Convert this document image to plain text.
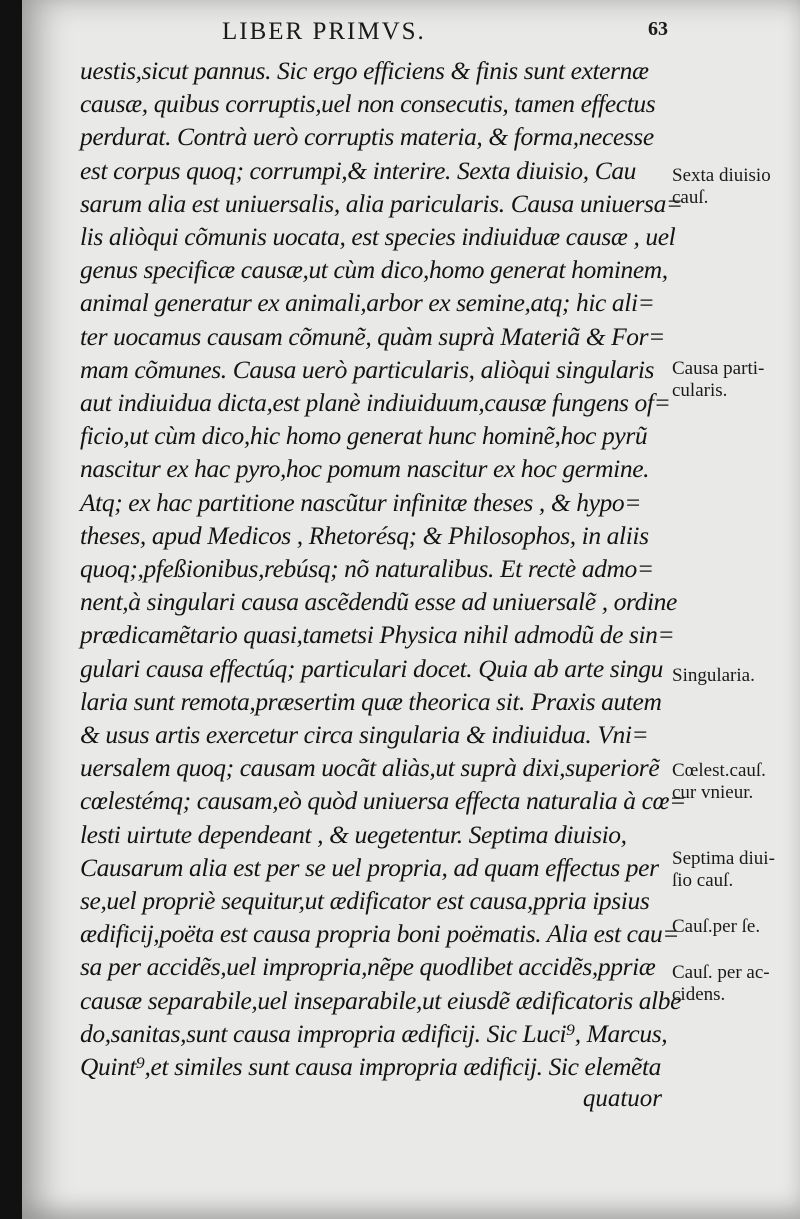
LIBER PRIMVS.	63
uestis,sicut pannus. Sic ergo efficiens & finis sunt externæ
causæ, quibus corruptis,uel non consecutis, tamen effectus
perdurat. Contrà uerò corruptis materia, & forma,necesse
est corpus quoq; corrumpi,& interire. Sexta diuisio, Cau
sarum alia est uniuersalis, alia paricularis. Causa uniuersa=
lis aliòqui cõmunis uocata, est species indiuiduæ causæ , uel
genus specificæ causæ,ut cùm dico,homo generat hominem,
animal generatur ex animali,arbor ex semine,atq; hic ali=
ter uocamus causam cõmunẽ, quàm suprà Materiã & For=
mam cõmunes. Causa uerò particularis, aliòqui singularis
aut indiuidua dicta,est planè indiuiduum,causæ fungens of=
ficio,ut cùm dico,hic homo generat hunc hominẽ,hoc pyrũ
nascitur ex hac pyro,hoc pomum nascitur ex hoc germine.
Atq; ex hac partitione nascũtur infinitæ theses , & hypo=
theses, apud Medicos , Rhetorésq; & Philosophos, in aliis
quoq;,pfeßionibus,rebúsq; nõ naturalibus. Et rectè admo=
nent,à singulari causa ascẽdendũ esse ad uniuersalẽ , ordine
prædicamẽtario quasi,tametsi Physica nihil admodũ de sin=
gulari causa effectúq; particulari docet. Quia ab arte singu
laria sunt remota,præsertim quæ theorica sit. Praxis autem
& usus artis exercetur circa singularia & indiuidua. Vni=
uersalem quoq; causam uocãt aliàs,ut suprà dixi,superiorẽ
cœlestémq; causam,eò quòd uniuersa effecta naturalia à cœ=
lesti uirtute dependeant , & uegetentur. Septima diuisio,
Causarum alia est per se uel propria, ad quam effectus per
se,uel propriè sequitur,ut ædificator est causa,ppria ipsius
ædificij,poëta est causa propria boni poëmatis. Alia est cau=
sa per accidẽs,uel impropria,nẽpe quodlibet accidẽs,ppriæ
causæ separabile,uel inseparabile,ut eiusdẽ ædificatoris albe
do,sanitas,sunt causa impropria ædificij. Sic Luci⁹, Marcus,
Quint⁹,et similes sunt causa impropria ædificij. Sic elemẽta
quatuor
Sexta diuisio
cauſ.
Causa parti-
cularis.
Singularia.
Cœlest.cauſ.
cur vnieur.
Septima diui-
ſio cauſ.
Cauſ.per ſe.
Cauſ. per ac-
cidens.
